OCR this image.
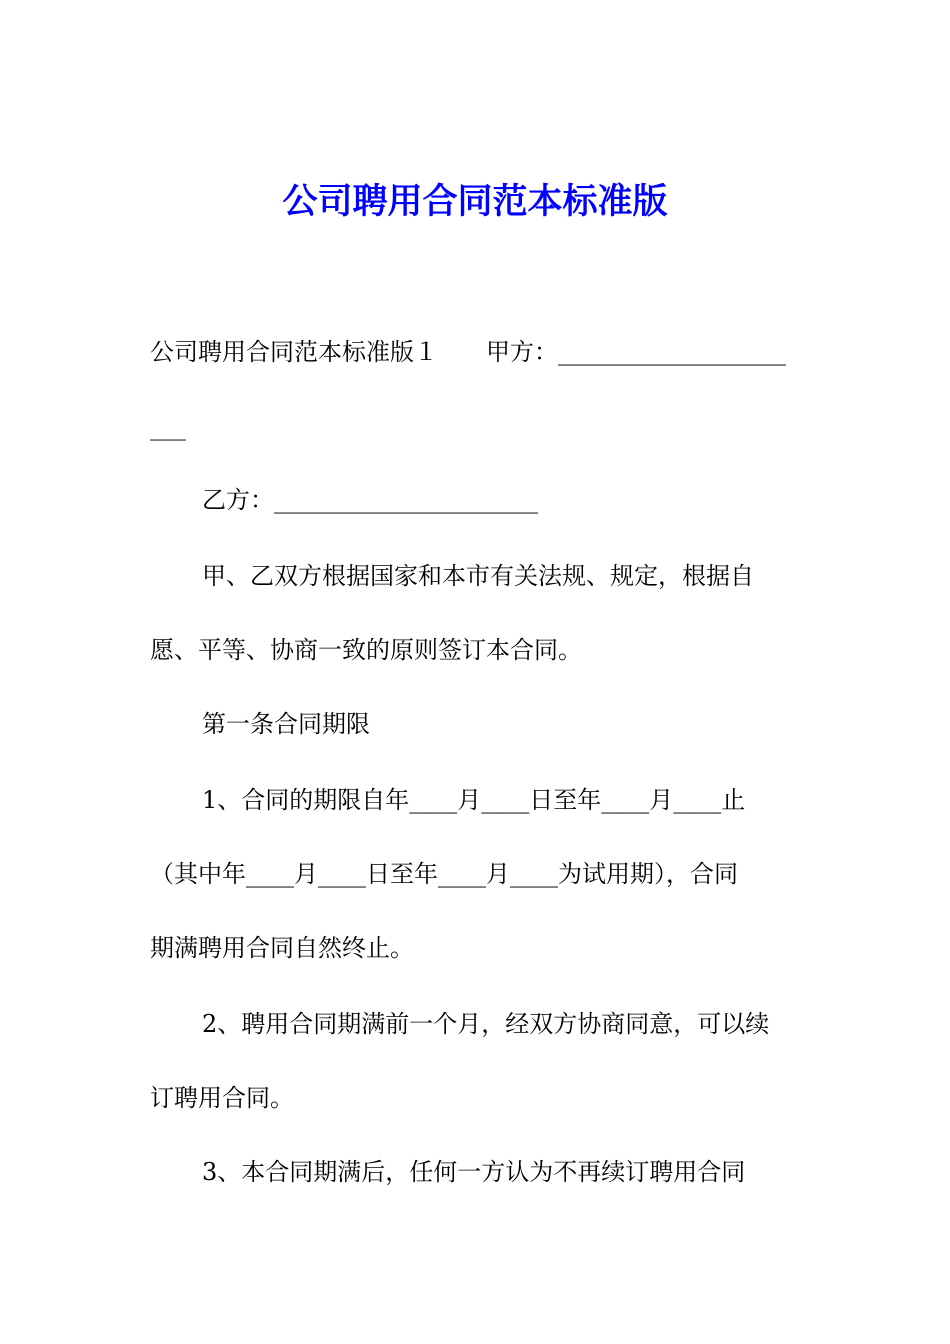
公司聘用合同范本标准版

公司聘用合同范本标准版１　　甲方：___________________

___

乙方：______________________

甲、乙双方根据国家和本市有关法规、规定，根据自

愿、平等、协商一致的原则签订本合同。

第一条合同期限

1、合同的期限自年____月____日至年____月____止

（其中年____月____日至年____月____为试用期），合同

期满聘用合同自然终止。

2、聘用合同期满前一个月，经双方协商同意，可以续

订聘用合同。

3、本合同期满后，任何一方认为不再续订聘用合同
